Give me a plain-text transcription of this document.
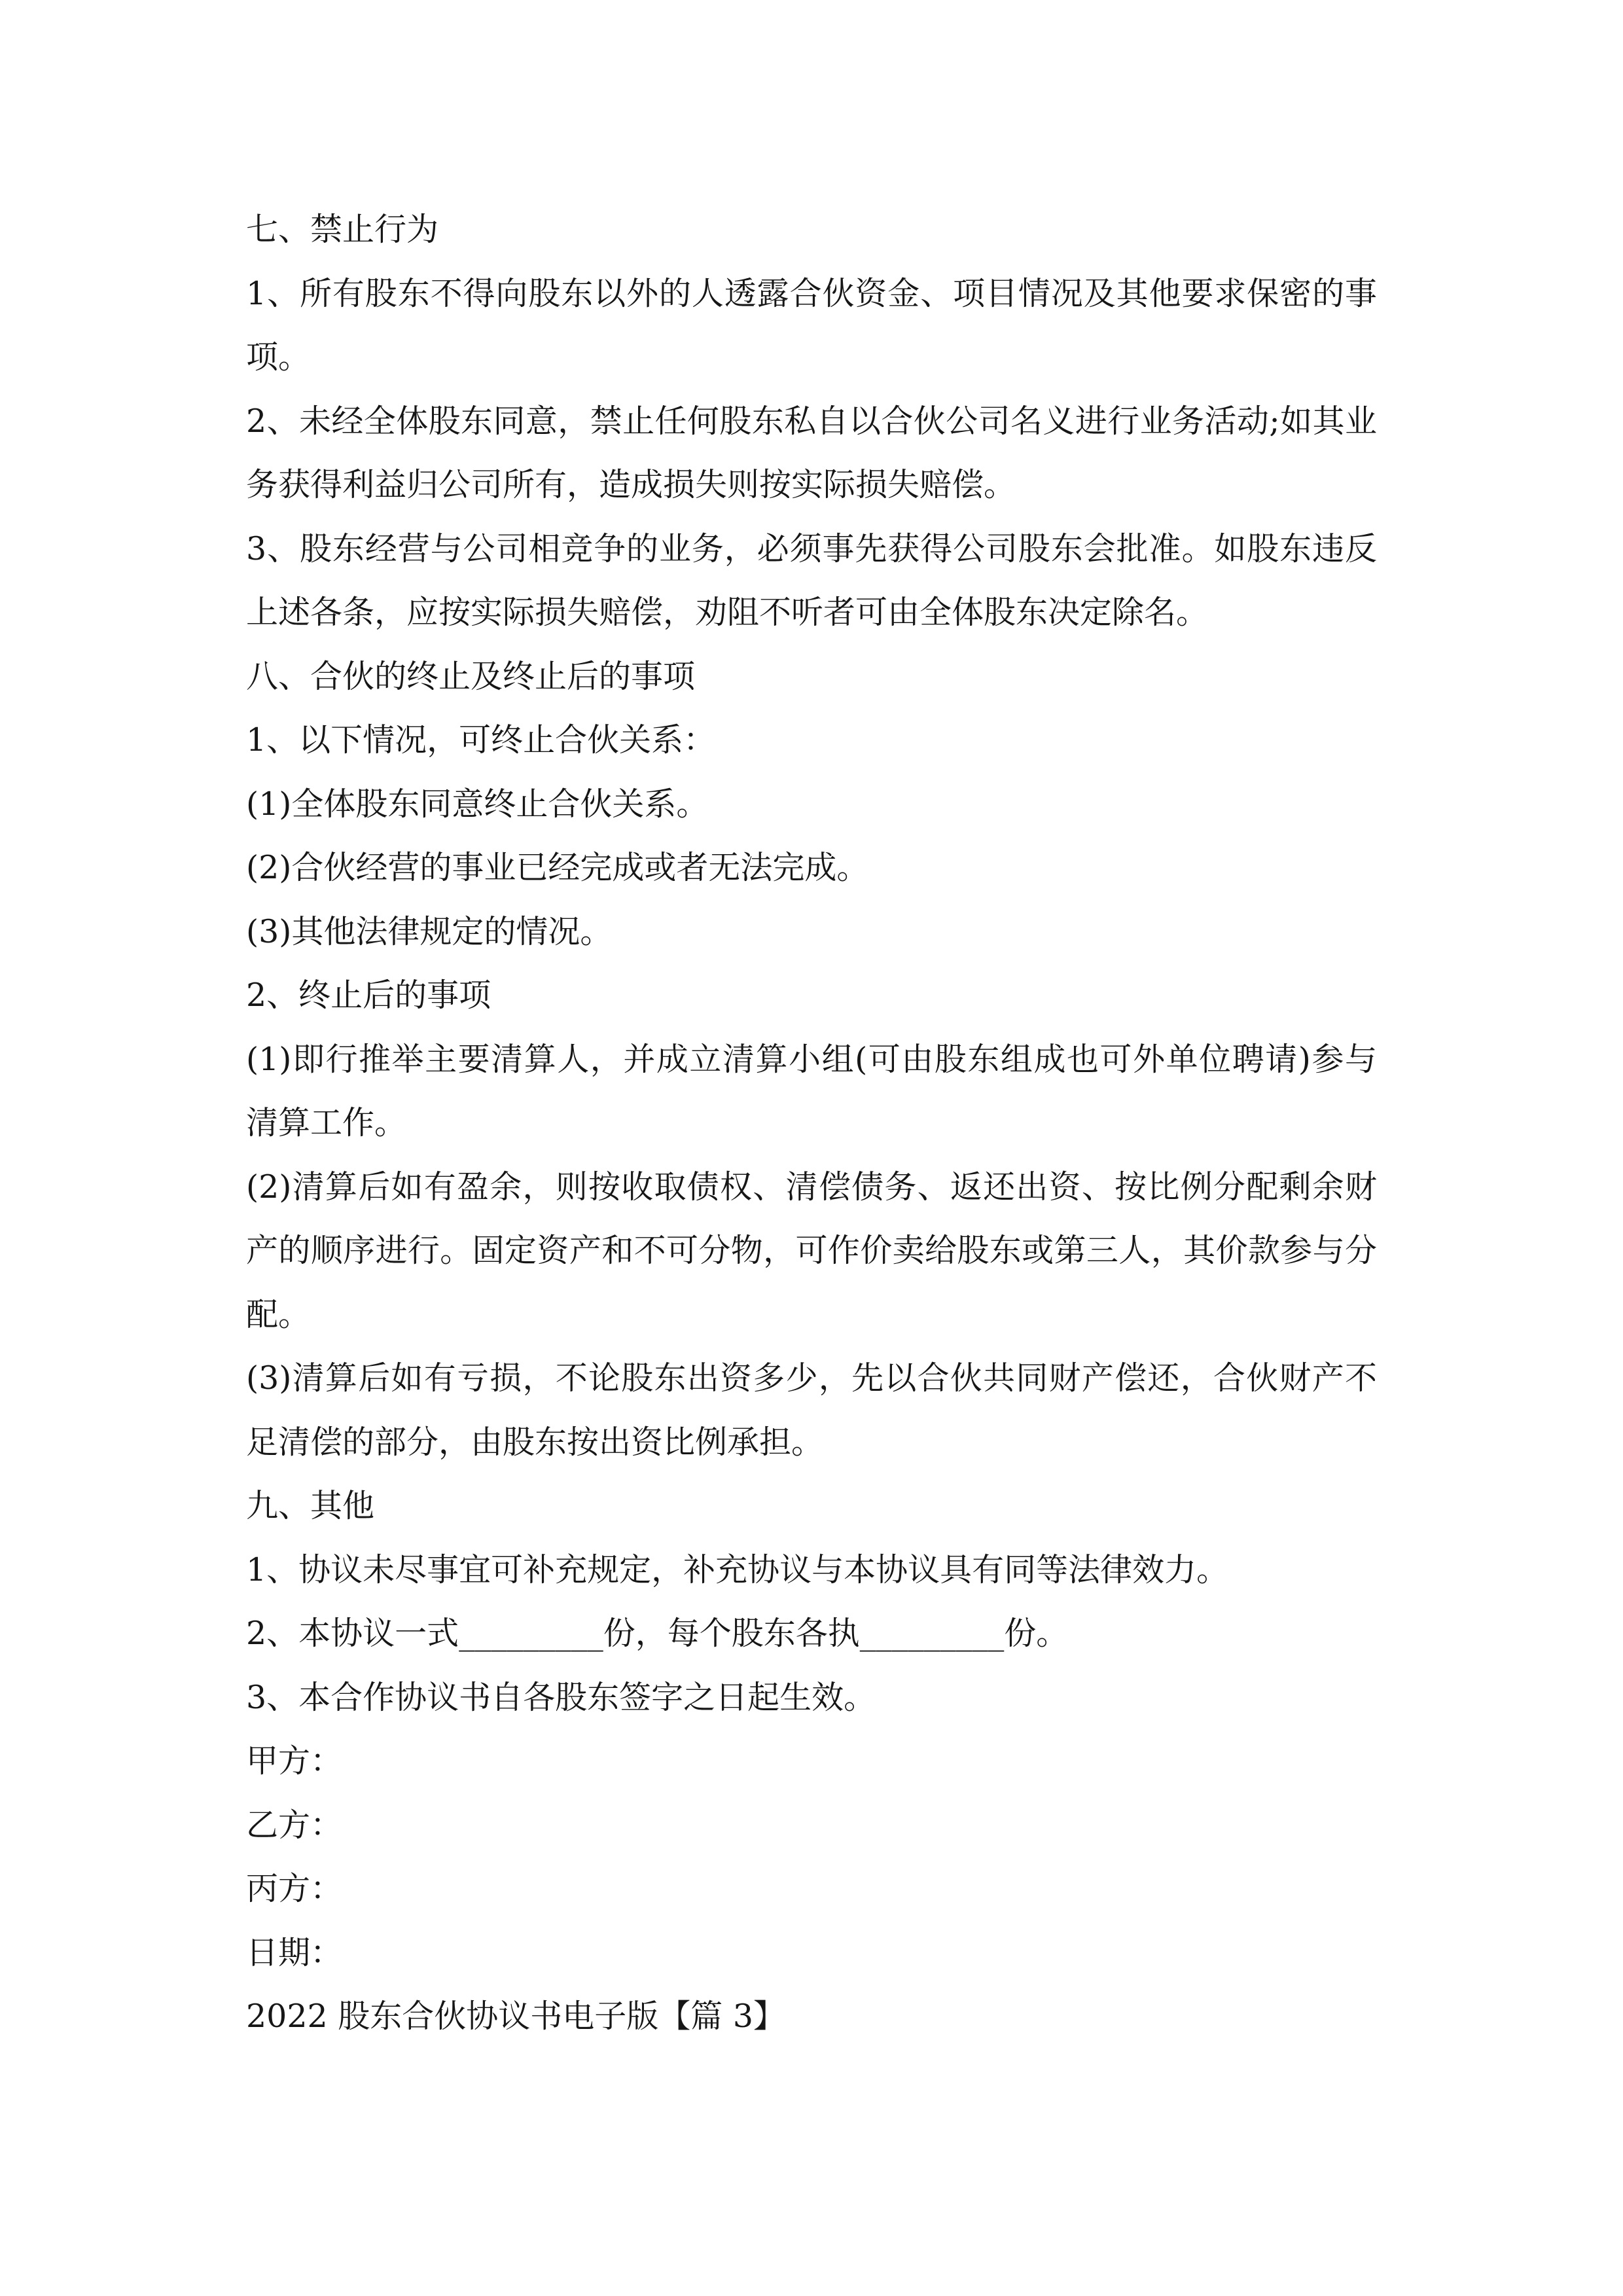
七、禁止行为
1、所有股东不得向股东以外的人透露合伙资金、项目情况及其他要求保密的事
项。
2、未经全体股东同意，禁止任何股东私自以合伙公司名义进行业务活动;如其业
务获得利益归公司所有，造成损失则按实际损失赔偿。
3、股东经营与公司相竞争的业务，必须事先获得公司股东会批准。如股东违反
上述各条，应按实际损失赔偿，劝阻不听者可由全体股东决定除名。
八、合伙的终止及终止后的事项
1、以下情况，可终止合伙关系：
(1)全体股东同意终止合伙关系。
(2)合伙经营的事业已经完成或者无法完成。
(3)其他法律规定的情况。
2、终止后的事项
(1)即行推举主要清算人，并成立清算小组(可由股东组成也可外单位聘请)参与
清算工作。
(2)清算后如有盈余，则按收取债权、清偿债务、返还出资、按比例分配剩余财
产的顺序进行。固定资产和不可分物，可作价卖给股东或第三人，其价款参与分
配。
(3)清算后如有亏损，不论股东出资多少，先以合伙共同财产偿还，合伙财产不
足清偿的部分，由股东按出资比例承担。
九、其他
1、协议未尽事宜可补充规定，补充协议与本协议具有同等法律效力。
2、本协议一式_________份，每个股东各执_________份。
3、本合作协议书自各股东签字之日起生效。
甲方：
乙方：
丙方：
日期：
2022 股东合伙协议书电子版【篇 3】
